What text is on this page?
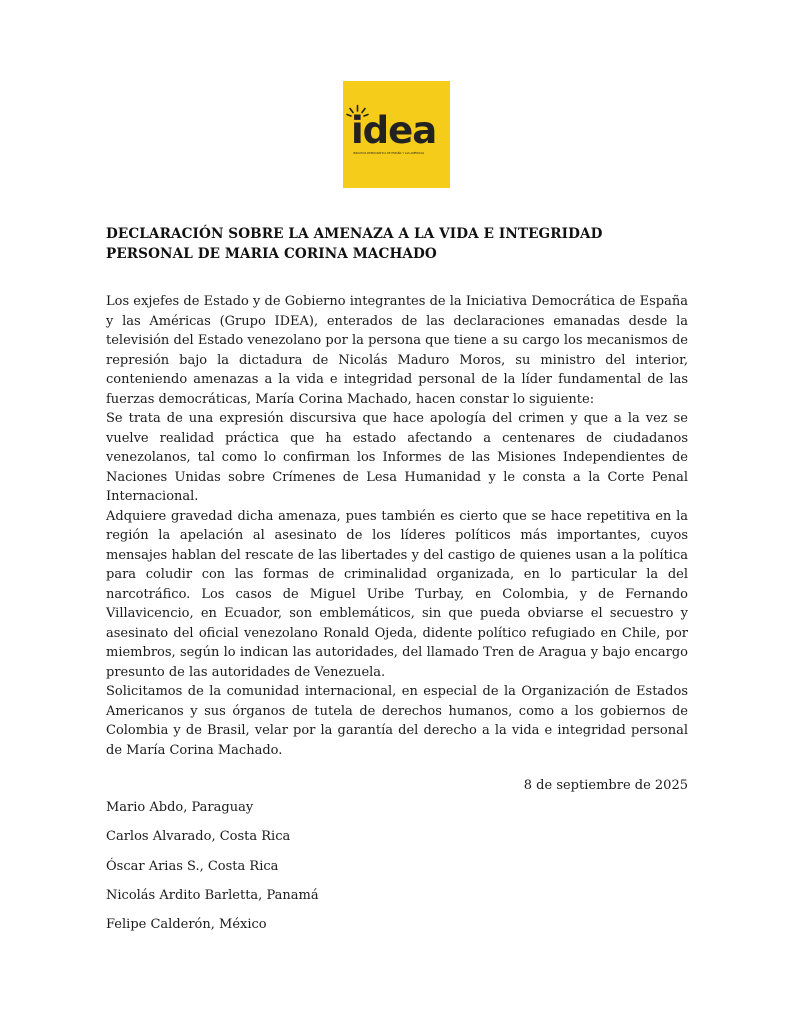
idea
INICIATIVA DEMOCRÁTICA DE ESPAÑA Y LAS AMÉRICAS
DECLARACIÓN SOBRE LA AMENAZA A LA VIDA E INTEGRIDAD PERSONAL DE MARIA CORINA MACHADO

Los exjefes de Estado y de Gobierno integrantes de la Iniciativa Democrática de España y las Américas (Grupo IDEA), enterados de las declaraciones emanadas desde la televisión del Estado venezolano por la persona que tiene a su cargo los mecanismos de represión bajo la dictadura de Nicolás Maduro Moros, su ministro del interior, conteniendo amenazas a la vida e integridad personal de la líder fundamental de las fuerzas democráticas, María Corina Machado, hacen constar lo siguiente:

Se trata de una expresión discursiva que hace apología del crimen y que a la vez se vuelve realidad práctica que ha estado afectando a centenares de ciudadanos venezolanos, tal como lo confirman los Informes de las Misiones Independientes de Naciones Unidas sobre Crímenes de Lesa Humanidad y le consta a la Corte Penal Internacional.

Adquiere gravedad dicha amenaza, pues también es cierto que se hace repetitiva en la región la apelación al asesinato de los líderes políticos más importantes, cuyos mensajes hablan del rescate de las libertades y del castigo de quienes usan a la política para coludir con las formas de criminalidad organizada, en lo particular la del narcotráfico. Los casos de Miguel Uribe Turbay, en Colombia, y de Fernando Villavicencio, en Ecuador, son emblemáticos, sin que pueda obviarse el secuestro y asesinato del oficial venezolano Ronald Ojeda, didente político refugiado en Chile, por miembros, según lo indican las autoridades, del llamado Tren de Aragua y bajo encargo presunto de las autoridades de Venezuela.

Solicitamos de la comunidad internacional, en especial de la Organización de Estados Americanos y sus órganos de tutela de derechos humanos, como a los gobiernos de Colombia y de Brasil, velar por la garantía del derecho a la vida e integridad personal de María Corina Machado.

8 de septiembre de 2025
Mario Abdo, Paraguay
Carlos Alvarado, Costa Rica
Óscar Arias S., Costa Rica
Nicolás Ardito Barletta, Panamá
Felipe Calderón, México
